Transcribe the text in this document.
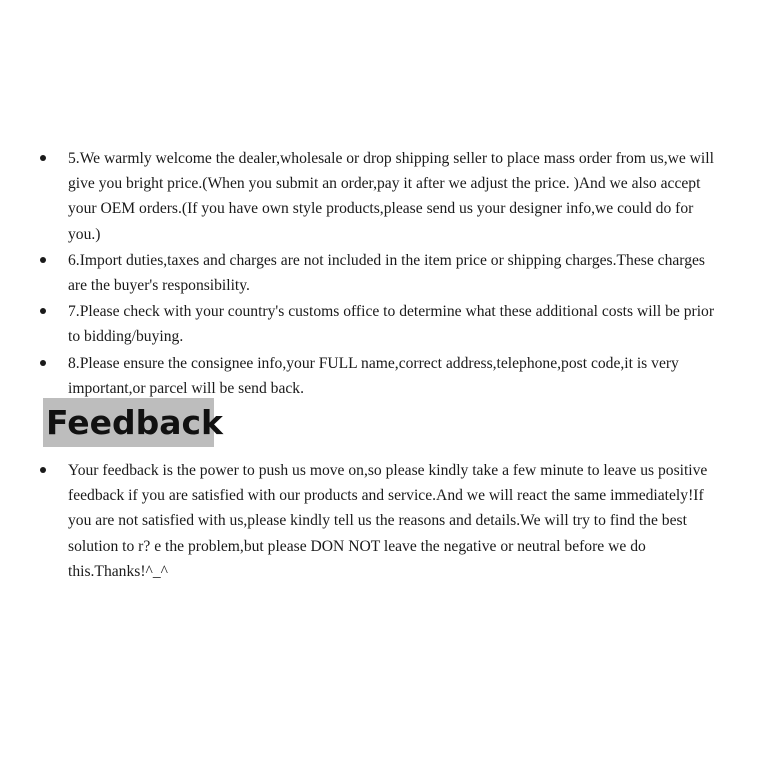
5.We warmly welcome the dealer,wholesale or drop shipping seller to place mass order from us,we will give you bright price.(When you submit an order,pay it after we adjust the price. )And we also accept your OEM orders.(If you have own style products,please send us your designer info,we could do for you.)
6.Import duties,taxes and charges are not included in the item price or shipping charges.These charges are the buyer's responsibility.
7.Please check with your country's customs office to determine what these additional costs will be prior to bidding/buying.
8.Please ensure the consignee info,your FULL name,correct address,telephone,post code,it is very important,or parcel will be send back.
Feedback
Your feedback is the power to push us move on,so please kindly take a few minute to leave us positive feedback if you are satisfied with our products and service.And we will react the same immediately!If you are not satisfied with us,please kindly tell us the reasons and details.We will try to find the best solution to r? e the problem,but please DON NOT leave the negative or neutral before we do this.Thanks!^_^
